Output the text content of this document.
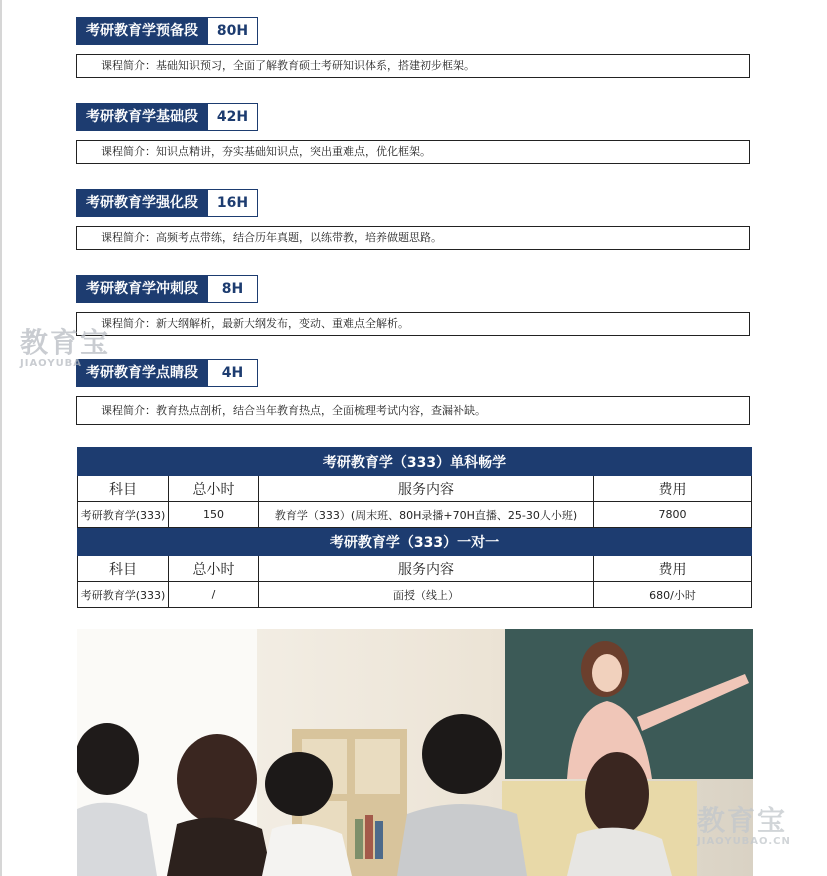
考研教育学预备段	80H
课程简介：基础知识预习，全面了解教育硕士考研知识体系，搭建初步框架。
考研教育学基础段	42H
课程简介：知识点精讲，夯实基础知识点，突出重难点，优化框架。
考研教育学强化段	16H
课程简介：高频考点带练，结合历年真题，以练带教，培养做题思路。
考研教育学冲刺段	8H
课程简介：新大纲解析，最新大纲发布，变动、重难点全解析。
考研教育学点睛段	4H
课程简介：教育热点剖析，结合当年教育热点，全面梳理考试内容，查漏补缺。
考研教育学（333）单科畅学			
科目	总小时	服务内容	费用
考研教育学(333)	150	教育学（333）(周末班、80H录播+70H直播、25-30人小班)	7800
考研教育学（333）一对一			
科目	总小时	服务内容	费用
考研教育学(333)	/	面授（线上）	680/小时
教育宝
JIAOYUBA
教育宝
JIAOYUBAO.CN
